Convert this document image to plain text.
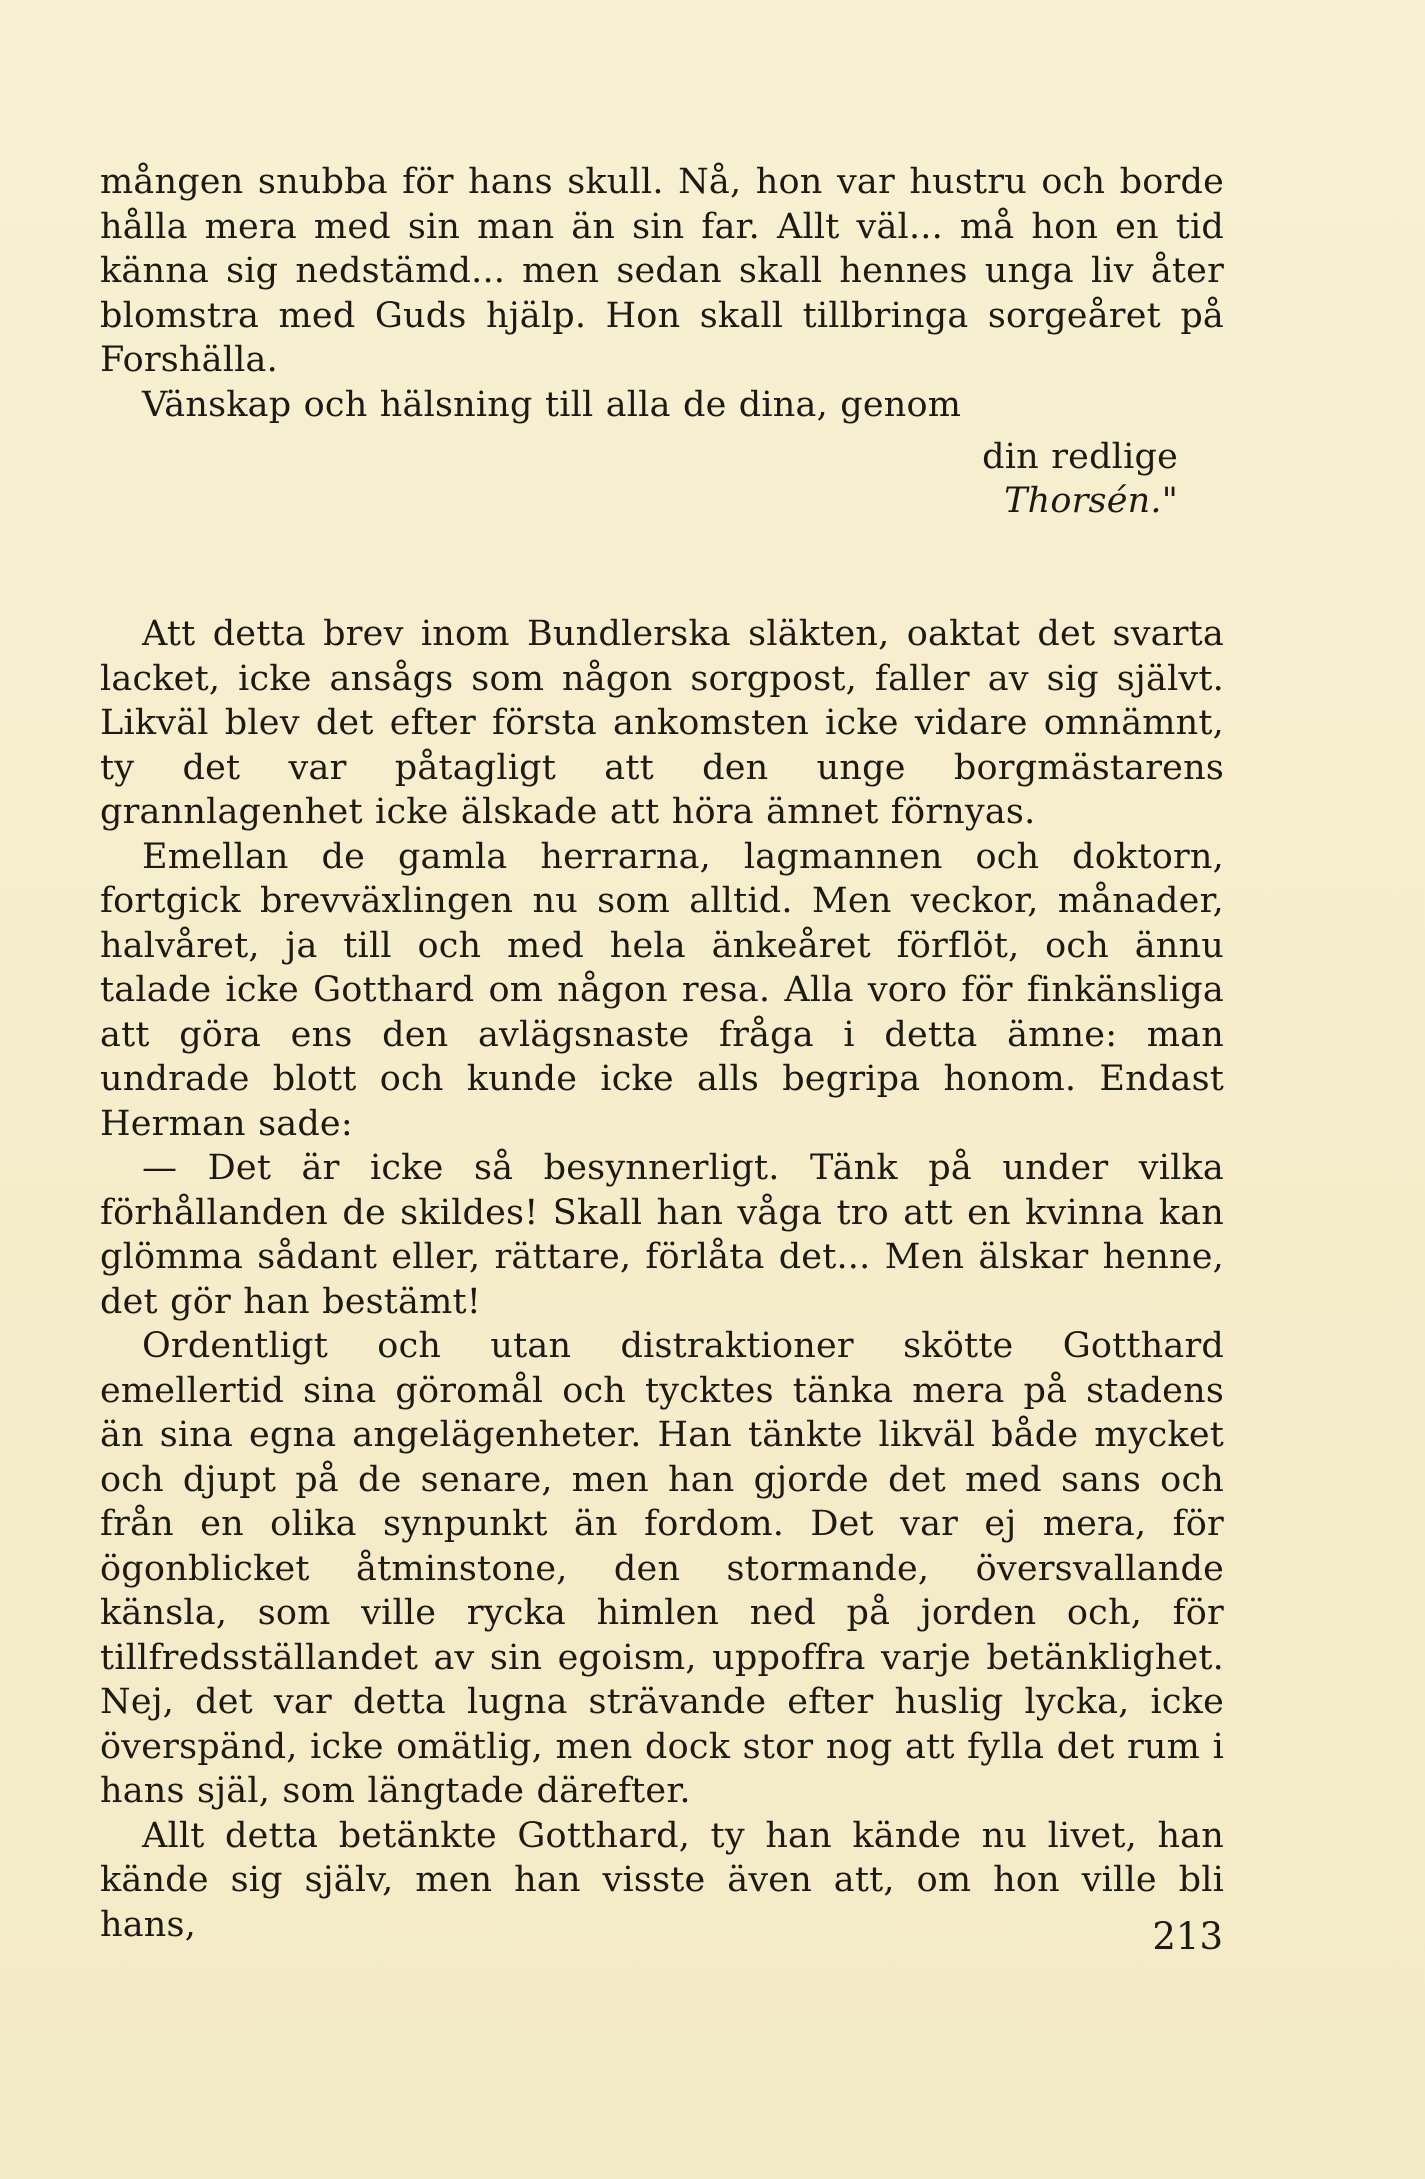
mången snubba för hans skull. Nå, hon var hustru och borde hålla mera med sin man än sin far. Allt väl... må hon en tid känna sig nedstämd... men sedan skall hennes unga liv åter blomstra med Guds hjälp. Hon skall tillbringa sorgeåret på Forshälla.

Vänskap och hälsning till alla de dina, genom

din redlige
Thorsén."

Att detta brev inom Bundlerska släkten, oaktat det svarta lacket, icke ansågs som någon sorgpost, faller av sig självt. Likväl blev det efter första ankomsten icke vidare omnämnt, ty det var påtagligt att den unge borgmästarens grannlagenhet icke älskade att höra ämnet förnyas.

Emellan de gamla herrarna, lagmannen och doktorn, fortgick brevväxlingen nu som alltid. Men veckor, månader, halvåret, ja till och med hela änkeåret förflöt, och ännu talade icke Gotthard om någon resa. Alla voro för finkänsliga att göra ens den avlägsnaste fråga i detta ämne: man undrade blott och kunde icke alls begripa honom. Endast Herman sade:

— Det är icke så besynnerligt. Tänk på under vilka förhållanden de skildes! Skall han våga tro att en kvinna kan glömma sådant eller, rättare, förlåta det... Men älskar henne, det gör han bestämt!

Ordentligt och utan distraktioner skötte Gotthard emellertid sina göromål och tycktes tänka mera på stadens än sina egna angelägenheter. Han tänkte likväl både mycket och djupt på de senare, men han gjorde det med sans och från en olika synpunkt än fordom. Det var ej mera, för ögonblicket åtminstone, den stormande, översvallande känsla, som ville rycka himlen ned på jorden och, för tillfredsställandet av sin egoism, uppoffra varje betänklighet. Nej, det var detta lugna strävande efter huslig lycka, icke överspänd, icke omätlig, men dock stor nog att fylla det rum i hans själ, som längtade därefter.

Allt detta betänkte Gotthard, ty han kände nu livet, han kände sig själv, men han visste även att, om hon ville bli hans,	213
